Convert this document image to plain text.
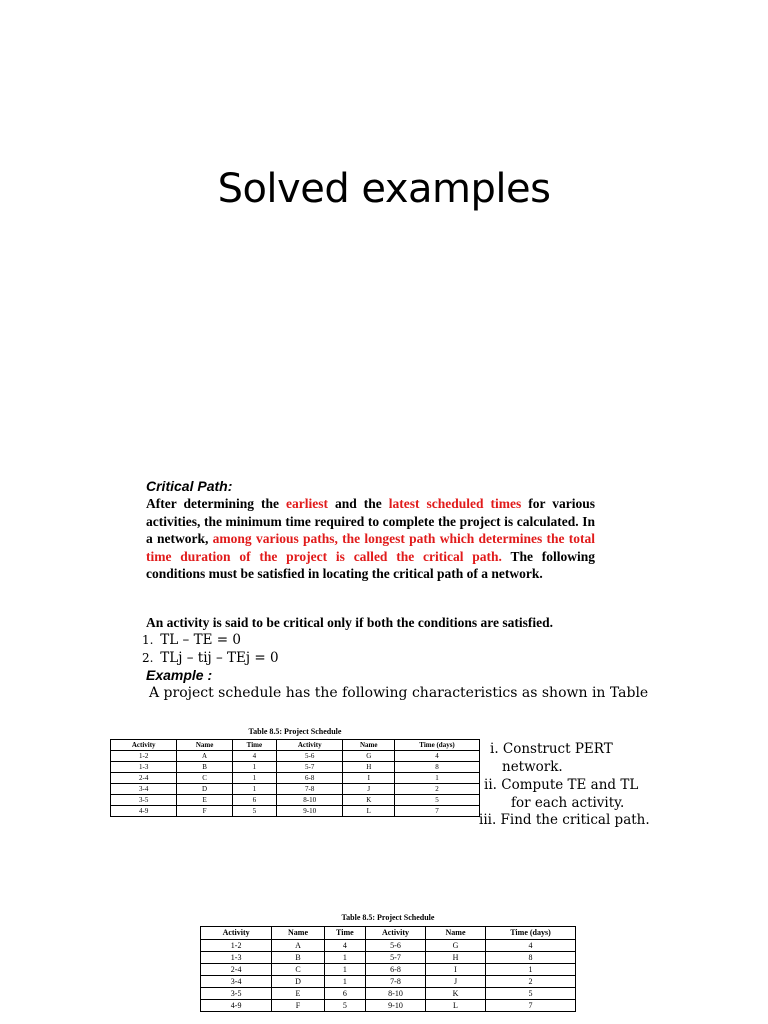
Solved examples
Critical Path:
After determining the earliest and the latest scheduled times for various activities, the minimum time required to complete the project is calculated. In a network, among various paths, the longest path which determines the total time duration of the project is called the critical path. The following conditions must be satisfied in locating the critical path of a network.
An activity is said to be critical only if both the conditions are satisfied.
1. TL – TE = 0
2. TLj – tij – TEj = 0
Example :
A project schedule has the following characteristics as shown in Table
Table 8.5: Project Schedule
Activity	Name	Time	Activity	Name	Time (days)
1-2	A	4	5-6	G	4
1-3	B	1	5-7	H	8
2-4	C	1	6-8	I	1
3-4	D	1	7-8	J	2
3-5	E	6	8-10	K	5
4-9	F	5	9-10	L	7
i. Construct PERT
network.
ii. Compute TE and TL
for each activity.
iii. Find the critical path.
Table 8.5: Project Schedule
Activity	Name	Time	Activity	Name	Time (days)
1-2	A	4	5-6	G	4
1-3	B	1	5-7	H	8
2-4	C	1	6-8	I	1
3-4	D	1	7-8	J	2
3-5	E	6	8-10	K	5
4-9	F	5	9-10	L	7
